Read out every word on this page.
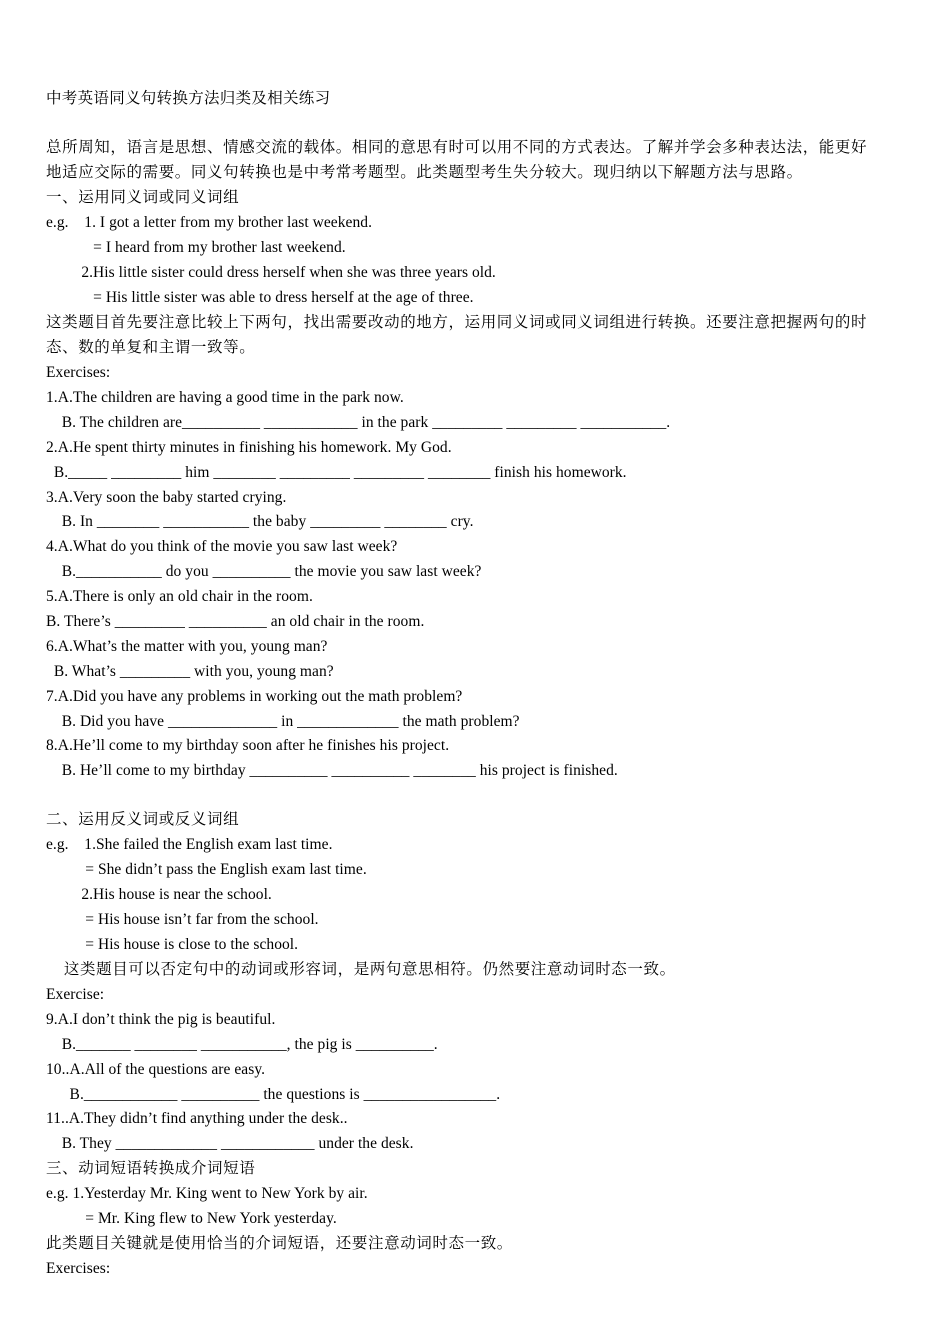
中考英语同义句转换方法归类及相关练习
总所周知，语言是思想、情感交流的载体。相同的意思有时可以用不同的方式表达。了解并学会多种表达法，能更好
地适应交际的需要。同义句转换也是中考常考题型。此类题型考生失分较大。现归纳以下解题方法与思路。
一、运用同义词或同义词组
e.g.    1. I got a letter from my brother last weekend.
= I heard from my brother last weekend.
2.His little sister could dress herself when she was three years old.
= His little sister was able to dress herself at the age of three.
这类题目首先要注意比较上下两句，找出需要改动的地方，运用同义词或同义词组进行转换。还要注意把握两句的时
态、数的单复和主谓一致等。
Exercises:
1.A.The children are having a good time in the park now.
B. The children are__________ ____________ in the park _________ _________ ___________.
2.A.He spent thirty minutes in finishing his homework. My God.
B._____ _________ him ________ _________ _________ ________ finish his homework.
3.A.Very soon the baby started crying.
B. In ________ ___________ the baby _________ ________ cry.
4.A.What do you think of the movie you saw last week?
B.___________ do you __________ the movie you saw last week?
5.A.There is only an old chair in the room.
B. There’s _________ __________ an old chair in the room.
6.A.What’s the matter with you, young man?
B. What’s _________ with you, young man?
7.A.Did you have any problems in working out the math problem?
B. Did you have ______________ in _____________ the math problem?
8.A.He’ll come to my birthday soon after he finishes his project.
B. He’ll come to my birthday __________ __________ ________ his project is finished.
二、运用反义词或反义词组
e.g.    1.She failed the English exam last time.
= She didn’t pass the English exam last time.
2.His house is near the school.
= His house isn’t far from the school.
= His house is close to the school.
这类题目可以否定句中的动词或形容词，是两句意思相符。仍然要注意动词时态一致。
Exercise:
9.A.I don’t think the pig is beautiful.
B._______ ________ ___________, the pig is __________.
10..A.All of the questions are easy.
B.____________ __________ the questions is _________________.
11..A.They didn’t find anything under the desk..
B. They _____________ ____________ under the desk.
三、动词短语转换成介词短语
e.g. 1.Yesterday Mr. King went to New York by air.
= Mr. King flew to New York yesterday.
此类题目关键就是使用恰当的介词短语，还要注意动词时态一致。
Exercises:
